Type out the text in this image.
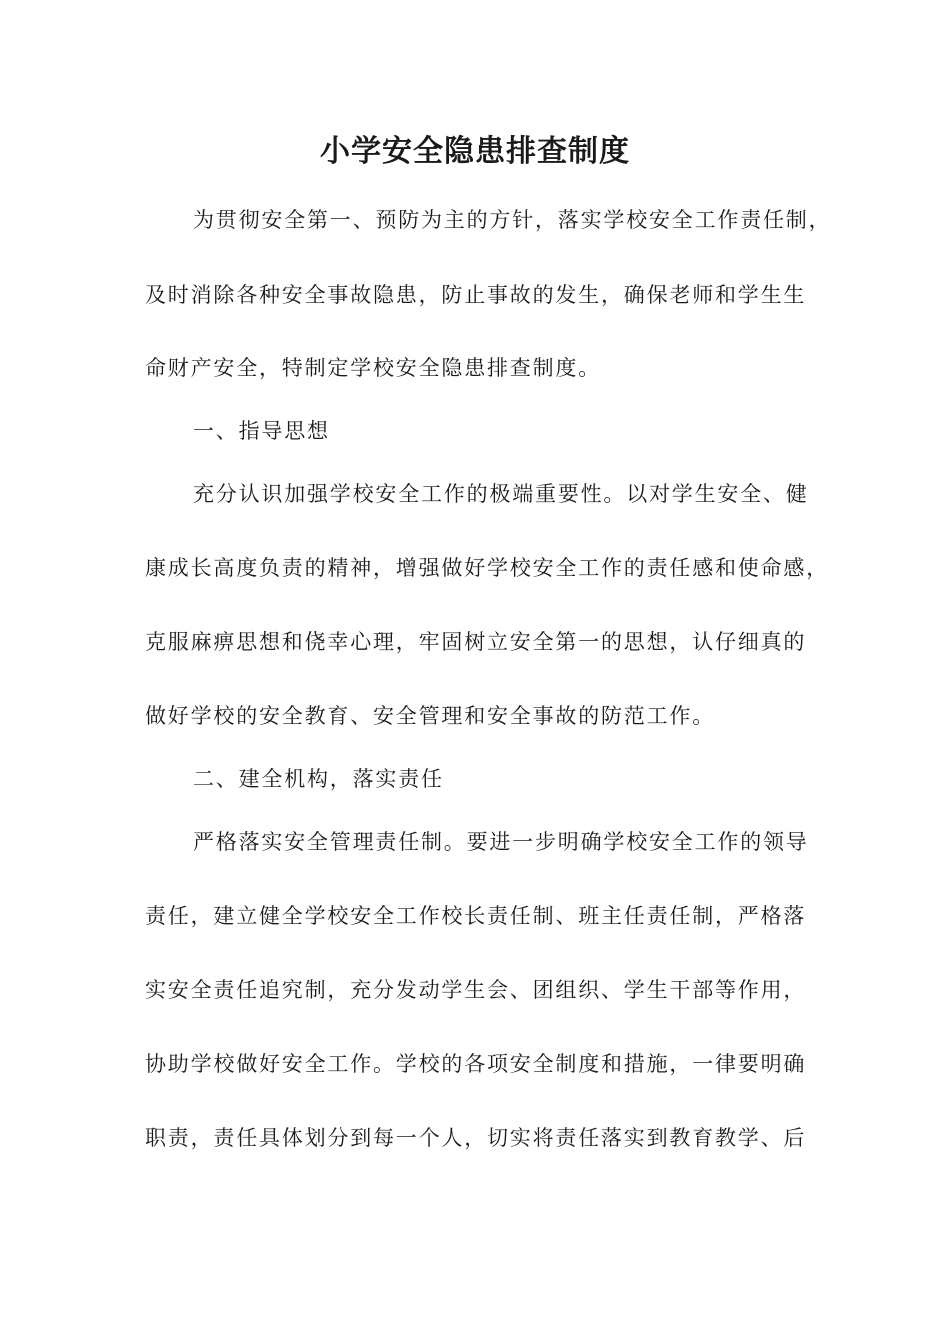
小学安全隐患排查制度
为贯彻安全第一、预防为主的方针，落实学校安全工作责任制，
及时消除各种安全事故隐患，防止事故的发生，确保老师和学生生
命财产安全，特制定学校安全隐患排查制度。
一、指导思想
充分认识加强学校安全工作的极端重要性。以对学生安全、健
康成长高度负责的精神，增强做好学校安全工作的责任感和使命感，
克服麻痹思想和侥幸心理，牢固树立安全第一的思想，认仔细真的
做好学校的安全教育、安全管理和安全事故的防范工作。
二、建全机构，落实责任
严格落实安全管理责任制。要进一步明确学校安全工作的领导
责任，建立健全学校安全工作校长责任制、班主任责任制，严格落
实安全责任追究制，充分发动学生会、团组织、学生干部等作用，
协助学校做好安全工作。学校的各项安全制度和措施，一律要明确
职责，责任具体划分到每一个人，切实将责任落实到教育教学、后
